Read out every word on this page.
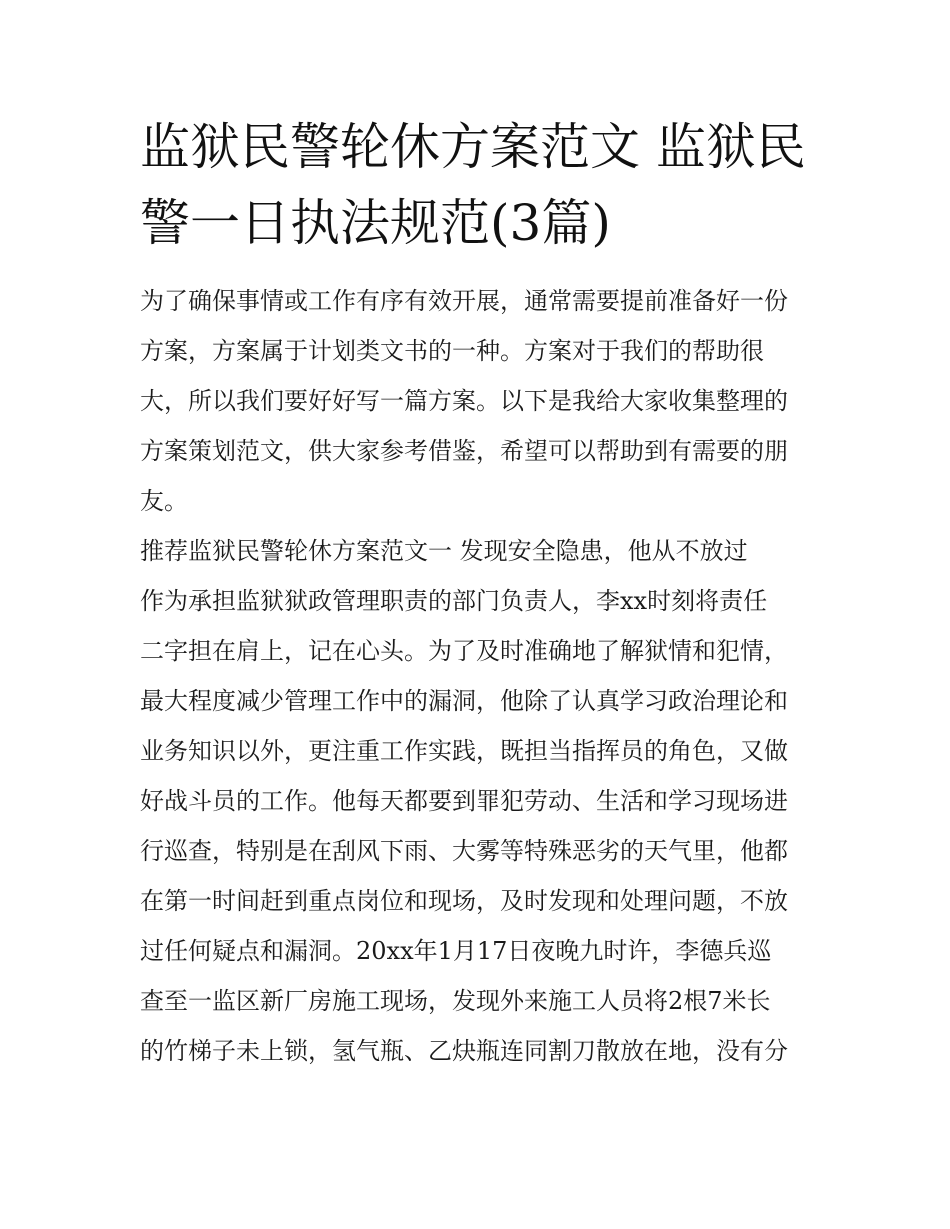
监狱民警轮休方案范文 监狱民
警一日执法规范(3篇)

为了确保事情或工作有序有效开展，通常需要提前准备好一份

方案，方案属于计划类文书的一种。方案对于我们的帮助很

大，所以我们要好好写一篇方案。以下是我给大家收集整理的

方案策划范文，供大家参考借鉴，希望可以帮助到有需要的朋

友。

推荐监狱民警轮休方案范文一 发现安全隐患，他从不放过

作为承担监狱狱政管理职责的部门负责人，李xx时刻将责任

二字担在肩上，记在心头。为了及时准确地了解狱情和犯情，

最大程度减少管理工作中的漏洞，他除了认真学习政治理论和

业务知识以外，更注重工作实践，既担当指挥员的角色，又做

好战斗员的工作。他每天都要到罪犯劳动、生活和学习现场进

行巡查，特别是在刮风下雨、大雾等特殊恶劣的天气里，他都

在第一时间赶到重点岗位和现场，及时发现和处理问题，不放

过任何疑点和漏洞。20xx年1月17日夜晚九时许，李德兵巡

查至一监区新厂房施工现场，发现外来施工人员将2根7米长

的竹梯子未上锁，氢气瓶、乙炔瓶连同割刀散放在地，没有分
